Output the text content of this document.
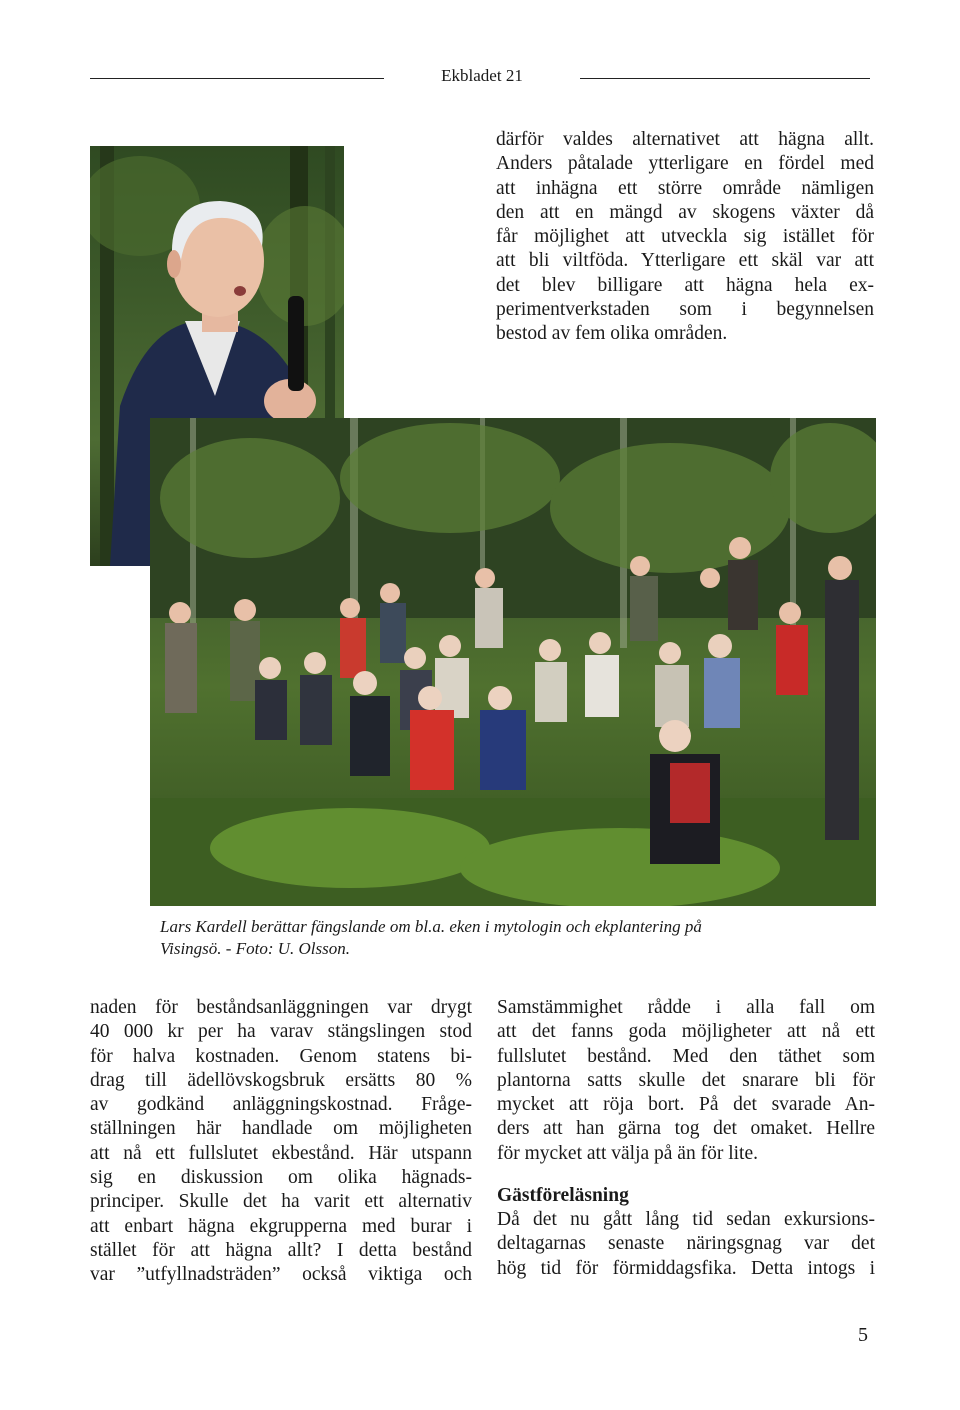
Ekbladet 21

därför valdes alternativet att hägna allt.
Anders påtalade ytterligare en fördel med
att inhägna ett större område nämligen
den att en mängd av skogens växter då
får möjlighet att utveckla sig istället för
att bli viltföda. Ytterligare ett skäl var att
det blev billigare att hägna hela ex-
perimentverkstaden som i begynnelsen
bestod av fem olika områden.

Lars Kardell berättar fängslande om bl.a. eken i mytologin och ekplantering på
Visingsö. - Foto: U. Olsson.

naden för beståndsanläggningen var drygt
40 000 kr per ha varav stängslingen stod
för halva kostnaden. Genom statens bi-
drag till ädellövskogsbruk ersätts 80 %
av godkänd anläggningskostnad. Fråge-
ställningen här handlade om möjligheten
att nå ett fullslutet ekbestånd. Här utspann
sig en diskussion om olika hägnads-
principer. Skulle det ha varit ett alternativ
att enbart hägna ekgrupperna med burar i
stället för att hägna allt? I detta bestånd
var ”utfyllnadsträden” också viktiga och

Samstämmighet rådde i alla fall om
att det fanns goda möjligheter att nå ett
fullslutet bestånd. Med den täthet som
plantorna satts skulle det snarare bli för
mycket att röja bort. På det svarade An-
ders att han gärna tog det omaket. Hellre
för mycket att välja på än för lite.

Gästföreläsning

Då det nu gått lång tid sedan exkursions-
deltagarnas senaste näringsgnag var det
hög tid för förmiddagsfika. Detta intogs i

5
